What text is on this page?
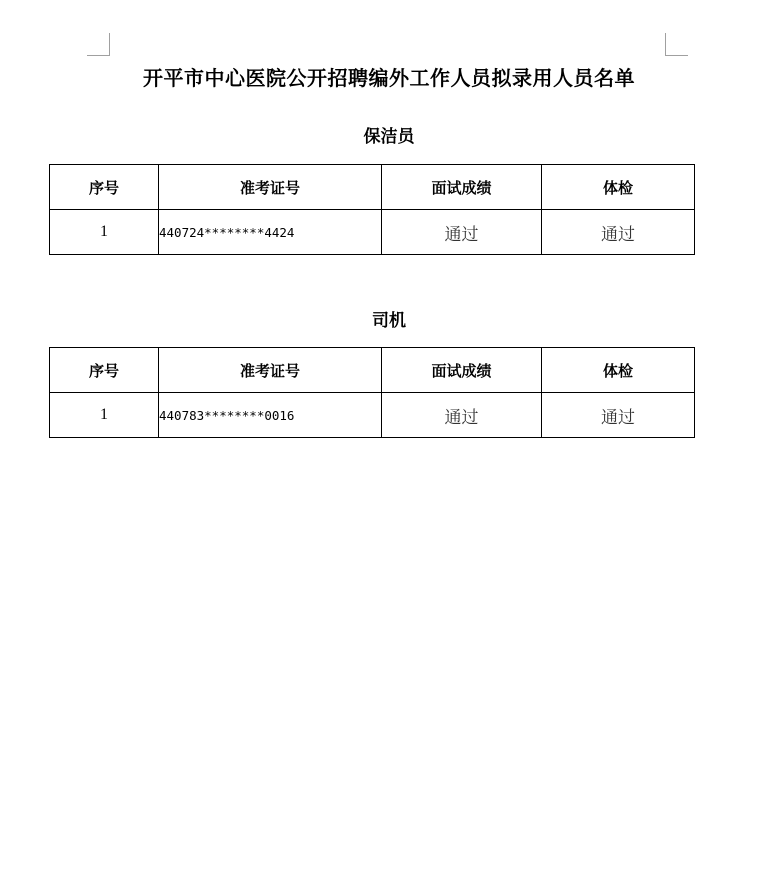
开平市中心医院公开招聘编外工作人员拟录用人员名单
保洁员
序号	准考证号	面试成绩	体检
1	440724********4424	通过	通过
司机
序号	准考证号	面试成绩	体检
1	440783********0016	通过	通过
